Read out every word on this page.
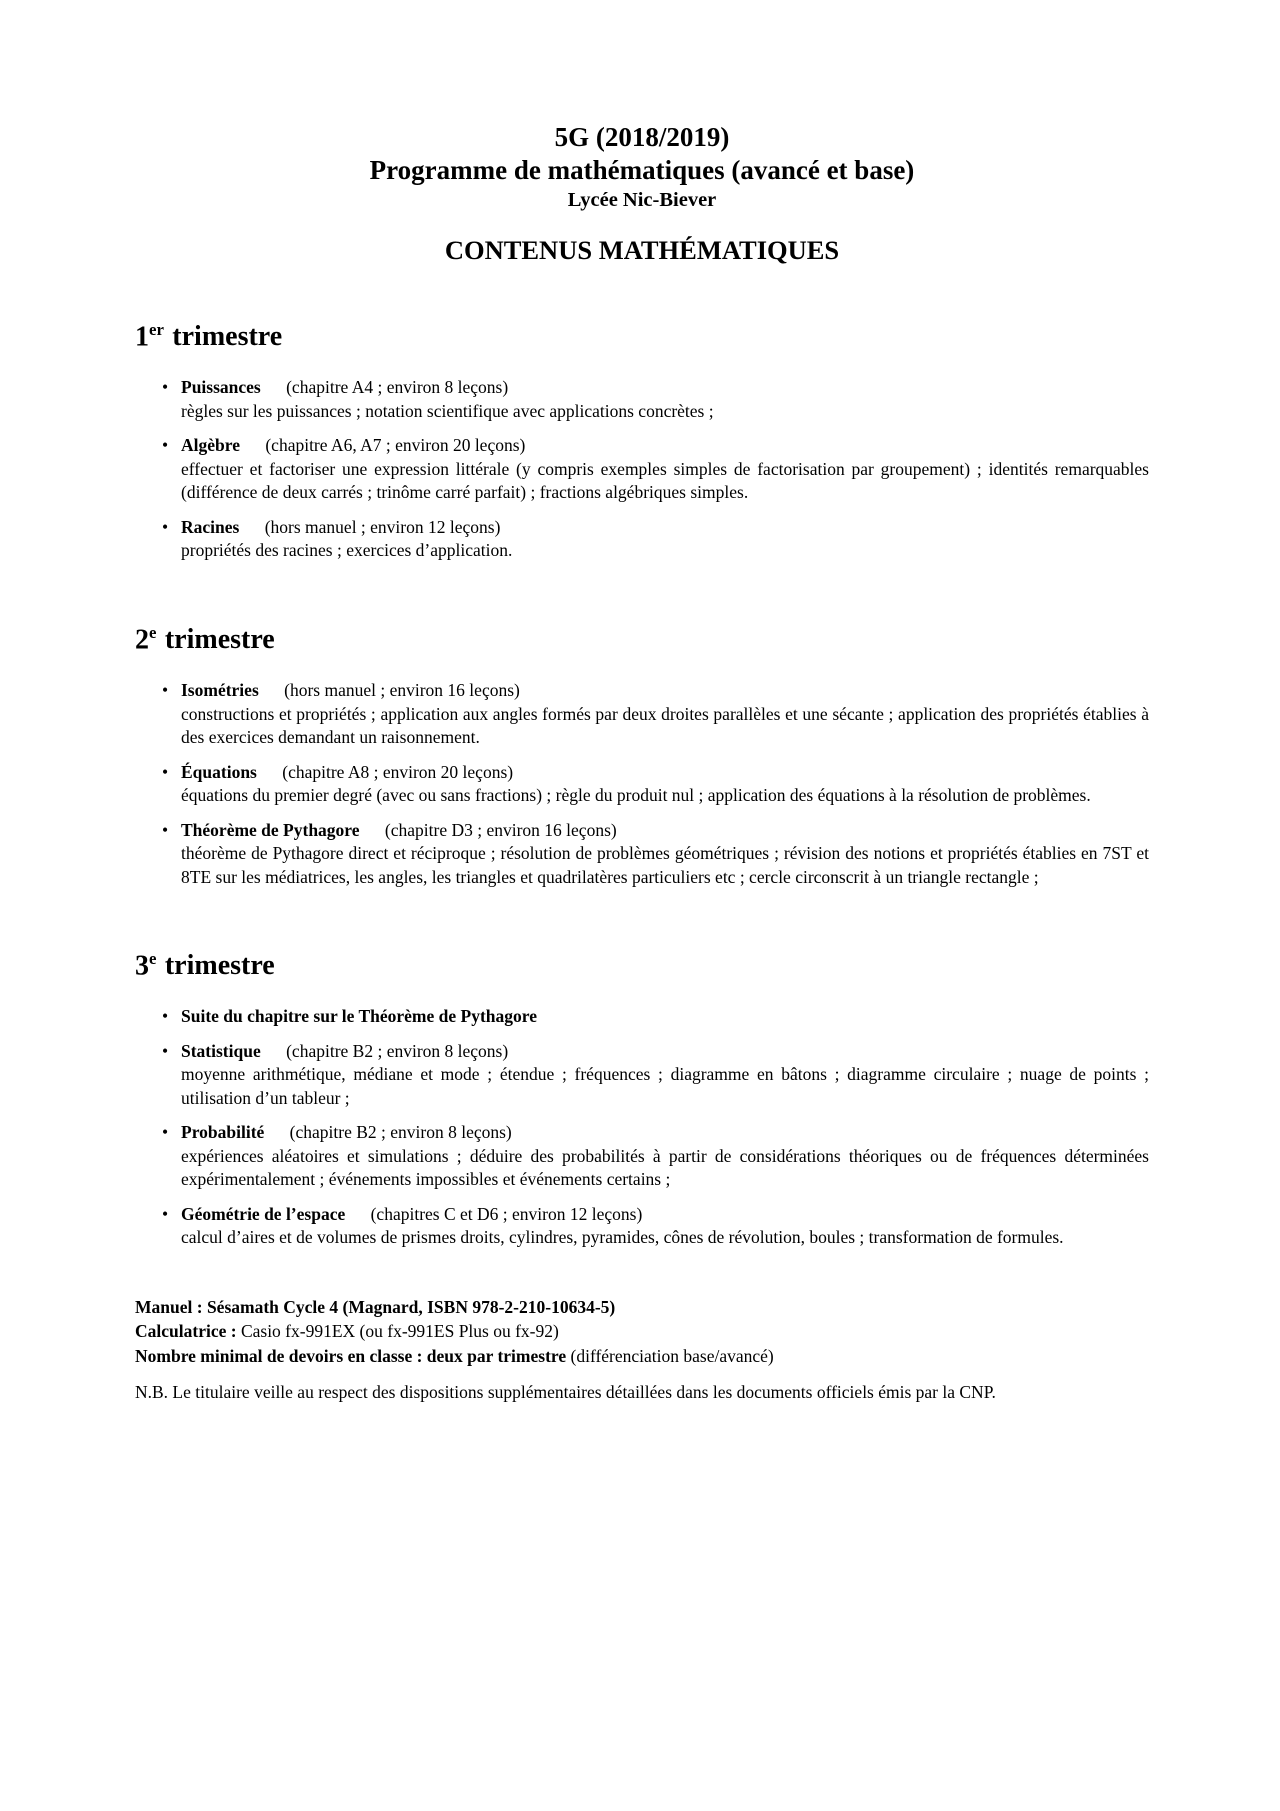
5G (2018/2019)
Programme de mathématiques (avancé et base)
Lycée Nic-Biever
CONTENUS MATHÉMATIQUES
1er trimestre
• Puissances (chapitre A4 ; environ 8 leçons)

règles sur les puissances ; notation scientifique avec applications concrètes ;

• Algèbre (chapitre A6, A7 ; environ 20 leçons)

effectuer et factoriser une expression littérale (y compris exemples simples de factorisation par groupement) ; identités remarquables (différence de deux carrés ; trinôme carré parfait) ; fractions algébriques simples.

• Racines (hors manuel ; environ 12 leçons)

propriétés des racines ; exercices d’application.

2e trimestre
• Isométries (hors manuel ; environ 16 leçons)

constructions et propriétés ; application aux angles formés par deux droites parallèles et une sécante ; application des propriétés établies à des exercices demandant un raisonnement.

• Équations (chapitre A8 ; environ 20 leçons)

équations du premier degré (avec ou sans fractions) ; règle du produit nul ; application des équations à la résolution de problèmes.

• Théorème de Pythagore (chapitre D3 ; environ 16 leçons)

théorème de Pythagore direct et réciproque ; résolution de problèmes géométriques ; révision des notions et propriétés établies en 7ST et 8TE sur les médiatrices, les angles, les triangles et quadrilatères particuliers etc ; cercle circonscrit à un triangle rectangle ;

3e trimestre
• Suite du chapitre sur le Théorème de Pythagore
• Statistique (chapitre B2 ; environ 8 leçons)

moyenne arithmétique, médiane et mode ; étendue ; fréquences ; diagramme en bâtons ; diagramme circulaire ; nuage de points ; utilisation d’un tableur ;

• Probabilité (chapitre B2 ; environ 8 leçons)

expériences aléatoires et simulations ; déduire des probabilités à partir de considérations théoriques ou de fréquences déterminées expérimentalement ; événements impossibles et événements certains ;

• Géométrie de l’espace (chapitres C et D6 ; environ 12 leçons)

calcul d’aires et de volumes de prismes droits, cylindres, pyramides, cônes de révolution, boules ; transformation de formules.

Manuel : Sésamath Cycle 4 (Magnard, ISBN 978-2-210-10634-5)

Calculatrice : Casio fx-991EX (ou fx-991ES Plus ou fx-92)

Nombre minimal de devoirs en classe : deux par trimestre (différenciation base/avancé)

N.B. Le titulaire veille au respect des dispositions supplémentaires détaillées dans les documents officiels émis par la CNP.
